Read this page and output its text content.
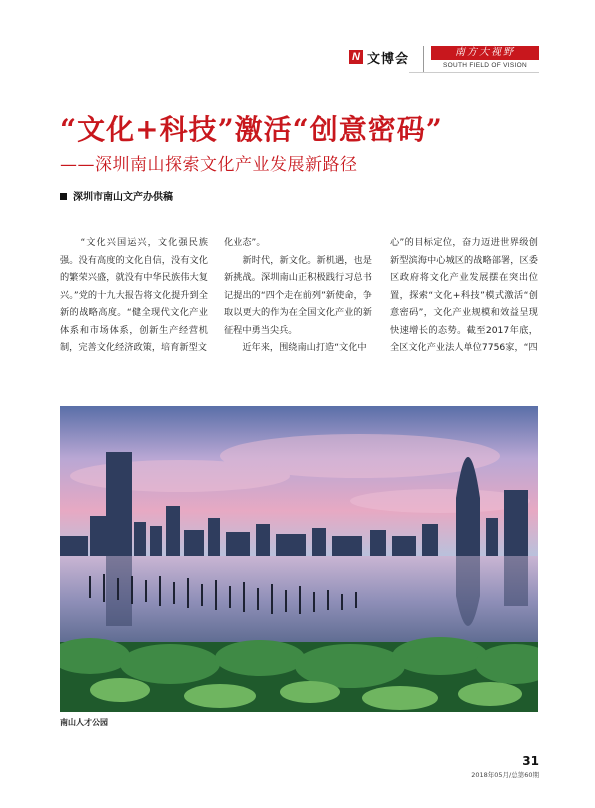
N 文博会	南方大视野
SOUTH FIELD OF VISION
“文化+科技”激活“创意密码”
——深圳南山探索文化产业发展新路径
深圳市南山文产办供稿
　　“文化兴国运兴，文化强民族强。没有高度的文化自信，没有文化的繁荣兴盛，就没有中华民族伟大复兴。”党的十九大报告将文化提升到全新的战略高度。“健全现代文化产业体系和市场体系，创新生产经营机制，完善文化经济政策，培育新型文
化业态”。
　　新时代，新文化。新机遇，也是新挑战。深圳南山正积极践行习总书记提出的“四个走在前列”新使命，争取以更大的作为在全国文化产业的新征程中勇当尖兵。
　　近年来，围绕南山打造“文化中
心”的目标定位，奋力迈进世界级创新型滨海中心城区的战略部署，区委区政府将文化产业发展摆在突出位置，探索“文化+科技”模式激活“创意密码”，文化产业规模和效益呈现快速增长的态势。截至2017年底，全区文化产业法人单位7756家，“四
南山人才公园
31
2018年05月/总第60期
